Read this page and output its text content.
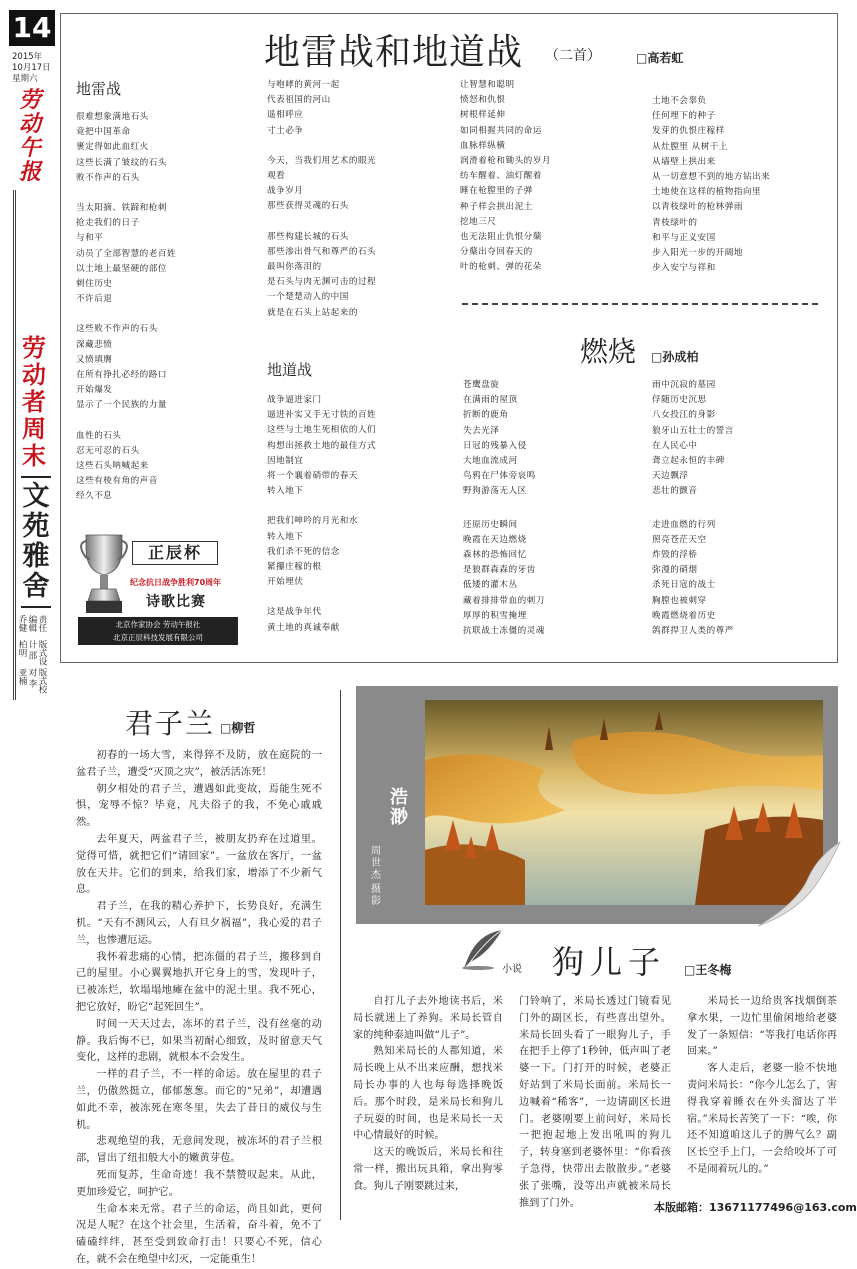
14
2015年
10月17日
星期六
劳动午报
劳动者周末
文苑雅舍
版式校对 李亚楠
版式设计 邵柏明
责任编辑 乔健
地雷战和地道战 （二首）	□高若虹
地雷战

很难想象满地石头

竟把中国革命

裹定得如此血红火

这些长满了皱纹的石头

败不作声的石头

当太阳摘、铁蹄和枪刺

抢走我们的日子

与和平

动员了全部智慧的老百姓

以土地上最坚硬的部位

刺住历史

不许后退

这些败不作声的石头

深藏悲愤

又愤填膺

在所有挣扎必经的路口

开始爆发

显示了一个民族的力量

血性的石头

忍无可忍的石头

这些石头呐喊起来

这些有棱有角的声音

经久不息

正辰杯
纪念抗日战争胜利70周年
诗歌比赛
北京作家协会 劳动午报社
北京正辰科技发展有限公司

与咆哮的黄河一起

代表祖国的河山

遥相呼应

寸土必争

今天，当我们用艺术的眼光

观看

战争岁月

那些获得灵魂的石头

那些构建长城的石头

那些渗出骨气和尊严的石头

最叫你落泪的

是石头与肉无渊可击的过程

一个楚楚动人的中国

就是在石头上站起来的

地道战

战争逼进家门

逼进补实又手无寸铁的百姓

这些与土地生死相依的人们

构想出拯救土地的最佳方式

因地制宜

将一个襄着硝带的春天

转入地下

把我们呻吟的月光和水

转入地下

我们杀不死的信念

紧攥庄稼的根

开始埋伏

这是战争年代

黄土地的真诚奉献

让智慧和聪明

愤怒和仇恨

树根样延伸

如同相握共同的命运

血脉样纵横

润滑着枪和锄头的岁月

纺车醒着、油灯醒着

睡在枪膛里的子弹

种子样会拱出泥土

挖地三尺

也无法阻止仇恨分蘖

分蘖出夺回春天的

叶的枪刺、弹的花朵

土地不会辜负

任何埋下的种子

发芽的仇恨庄稼样

从灶膛里 从树干上

从墙壁上拱出来

从一切意想不到的地方钻出来

土地使在这样的植物指向里

以青枝绿叶的枪林弹雨

青枝绿叶的

和平与正义安国

步入阳光一步的开阔地

步入安宁与祥和

燃烧 □孙成柏

苍鹰盘旋

在满雨的屋顶

折断的鹿角

失去光泽

日冠的残暴入侵

大地血流成河

鸟鸦在尸体旁哀鸣

野狗游荡无人区

还原历史瞬间

晚霞在天边燃烧

森林的恐怖回忆

是狼群森森的牙齿

低矮的灌木丛

藏着排排带血的刺刀

厚厚的积雪掩埋

抗联战士冻僵的灵魂

雨中沉寂的墓园

俘随历史沉思

八女投江的身影

狼牙山五壮士的誓言

在人民心中

聋立起永恒的丰碑

天边飘浮

悲壮的颤音

走进血燃的行列

照亮苍茫天空

炸毁的浮桥

弥漫的硝烟

杀死日寇的战士

胸膛也被刺穿

晚霞燃烧着历史

鸽群捍卫人类的尊严

君子兰 □柳哲

初春的一场大雪，来得猝不及防，放在庭院的一盆君子兰，遭受“灭顶之灾”，被活活冻死！

朝夕相处的君子兰，遭遇如此变故，焉能生死不惧，宠辱不惊？毕竟，凡夫俗子的我，不免心戚戚然。

去年夏天，两盆君子兰，被朋友扔弃在过道里。觉得可惜，就把它们“请回家”。一盆放在客厅，一盆放在天井。它们的到来，给我们家，增添了不少新气息。

君子兰，在我的精心养护下，长势良好，充满生机。“天有不测风云，人有旦夕祸福”，我心爱的君子兰，也惨遭厄运。

我怀着悲痛的心情，把冻僵的君子兰，搬移到自己的屋里。小心翼翼地扒开它身上的雪，发现叶子，已被冻烂，软塌塌地瘫在盆中的泥土里。我不死心，把它放好，盼它“起死回生”。

时间一天天过去，冻坏的君子兰，没有丝毫的动静。我后悔不已，如果当初耐心细致，及时留意天气变化，这样的悲剧，就根本不会发生。

一样的君子兰，不一样的命运。放在屋里的君子兰，仍傲然挺立，郁郁葱葱。而它的“兄弟”，却遭遇如此不幸，被冻死在寒冬里，失去了昔日的威仪与生机。

悲观绝望的我，无意间发现，被冻坏的君子兰根部，冒出了纽扣般大小的嫩黄芽苞。

死而复苏，生命奇迹！我不禁赞叹起来。从此，更加珍爱它，呵护它。

生命本来无常。君子兰的命运，尚且如此，更何况是人呢？在这个社会里，生活着，奋斗着，免不了磕磕绊绊，甚至受到致命打击！只要心不死，信心在，就不会在绝望中幻灭，一定能重生！

浩渺
周世杰
摄影
小说 狗儿子 □王冬梅

自打儿子去外地读书后，米局长就迷上了养狗。米局长管自家的纯种泰迪叫做“儿子”。

熟知米局长的人都知道，米局长晚上从不出来应酬，想找米局长办事的人也每每选择晚饭后。那个时段，是米局长和狗儿子玩耍的时间，也是米局长一天中心情最好的时候。

这天的晚饭后，米局长和往常一样，搬出玩具箱，拿出狗零食。狗儿子刚要跳过来，

门铃响了，米局长透过门镜看见门外的副区长，有些喜出望外。米局长回头看了一眼狗儿子，手在把手上停了1秒钟，低声叫了老婆一下。门打开的时候，老婆正好站到了米局长面前。米局长一边喊着“稀客”，一边请副区长进门。老婆刚要上前问好，米局长一把抱起地上发出吼叫的狗儿子，转身塞到老婆怀里：“你看孩子急得，快带出去散散步。”老婆张了张嘴，没等出声就被米局长推到了门外。

米局长一边给贵客找烟倒茶拿水果，一边忙里偷闲地给老婆发了一条短信：“等我打电话你再回来。”

客人走后，老婆一脸不快地责问米局长：“你今儿怎么了，害得我穿着睡衣在外头溜达了半宿。”米局长苦笑了一下：“唉，你还不知道咱这儿子的脾气么？副区长空手上门，一会给咬坏了可不是闹着玩儿的。”

本版邮箱：13671177496@163.com
